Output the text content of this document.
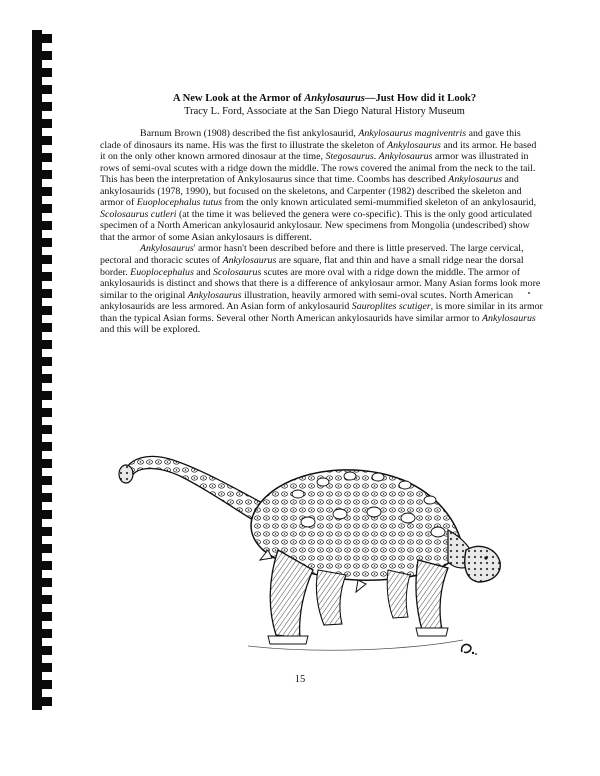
A New Look at the Armor of Ankylosaurus—Just How did it Look?
Tracy L. Ford, Associate at the San Diego Natural History Museum

Barnum Brown (1908) described the fist ankylosaurid, Ankylosaurus magniventris and gave this clade of dinosaurs its name. His was the first to illustrate the skeleton of Ankylosaurus and its armor. He based it on the only other known armored dinosaur at the time, Stegosaurus. Ankylosaurus armor was illustrated in rows of semi-oval scutes with a ridge down the middle. The rows covered the animal from the neck to the tail. This has been the interpretation of Ankylosaurus since that time. Coombs has described Ankylosaurus and ankylosaurids (1978, 1990), but focused on the skeletons, and Carpenter (1982) described the skeleton and armor of Euoplocephalus tutus from the only known articulated semi-mummified skeleton of an ankylosaurid, Scolosaurus cutleri (at the time it was believed the genera were co-specific). This is the only good articulated specimen of a North American ankylosaurid ankylosaur. New specimens from Mongolia (undescribed) show that the armor of some Asian ankylosaurs is different.

Ankylosaurus' armor hasn't been described before and there is little preserved. The large cervical, pectoral and thoracic scutes of Ankylosaurus are square, flat and thin and have a small ridge near the dorsal border. Euoplocephalus and Scolosaurus scutes are more oval with a ridge down the middle. The armor of ankylosaurids is distinct and shows that there is a difference of ankylosaur armor. Many Asian forms look more similar to the original Ankylosaurus illustration, heavily armored with semi-oval scutes. North American ankylosaurids are less armored. An Asian form of ankylosaurid Sauroplites scutiger, is more similar in its armor than the typical Asian forms. Several other North American ankylosaurids have similar armor to Ankylosaurus and this will be explored.

15
